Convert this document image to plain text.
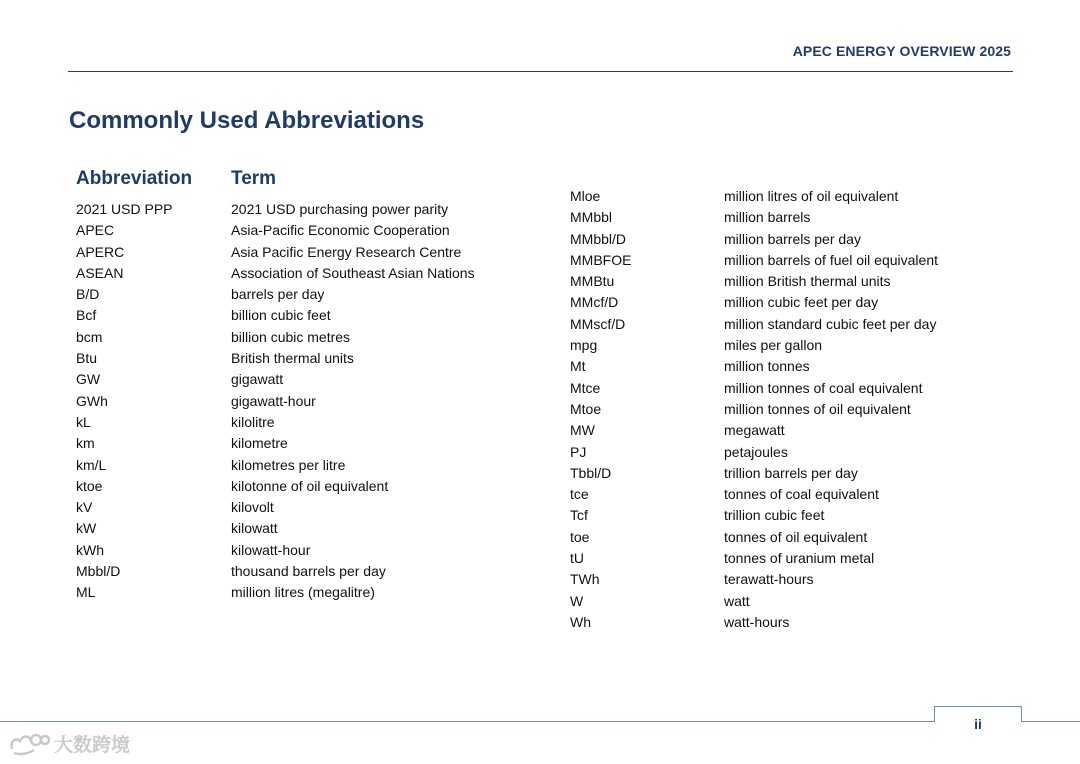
APEC ENERGY OVERVIEW 2025
Commonly Used Abbreviations
Abbreviation Term
2021 USD PPP	2021 USD purchasing power parity
APEC	Asia-Pacific Economic Cooperation
APERC	Asia Pacific Energy Research Centre
ASEAN	Association of Southeast Asian Nations
B/D	barrels per day
Bcf	billion cubic feet
bcm	billion cubic metres
Btu	British thermal units
GW	gigawatt
GWh	gigawatt-hour
kL	kilolitre
km	kilometre
km/L	kilometres per litre
ktoe	kilotonne of oil equivalent
kV	kilovolt
kW	kilowatt
kWh	kilowatt-hour
Mbbl/D	thousand barrels per day
ML	million litres (megalitre)
Mloe	million litres of oil equivalent
MMbbl	million barrels
MMbbl/D	million barrels per day
MMBFOE	million barrels of fuel oil equivalent
MMBtu	million British thermal units
MMcf/D	million cubic feet per day
MMscf/D	million standard cubic feet per day
mpg	miles per gallon
Mt	million tonnes
Mtce	million tonnes of coal equivalent
Mtoe	million tonnes of oil equivalent
MW	megawatt
PJ	petajoules
Tbbl/D	trillion barrels per day
tce	tonnes of coal equivalent
Tcf	trillion cubic feet
toe	tonnes of oil equivalent
tU	tonnes of uranium metal
TWh	terawatt-hours
W	watt
Wh	watt-hours
ii
大数跨境
